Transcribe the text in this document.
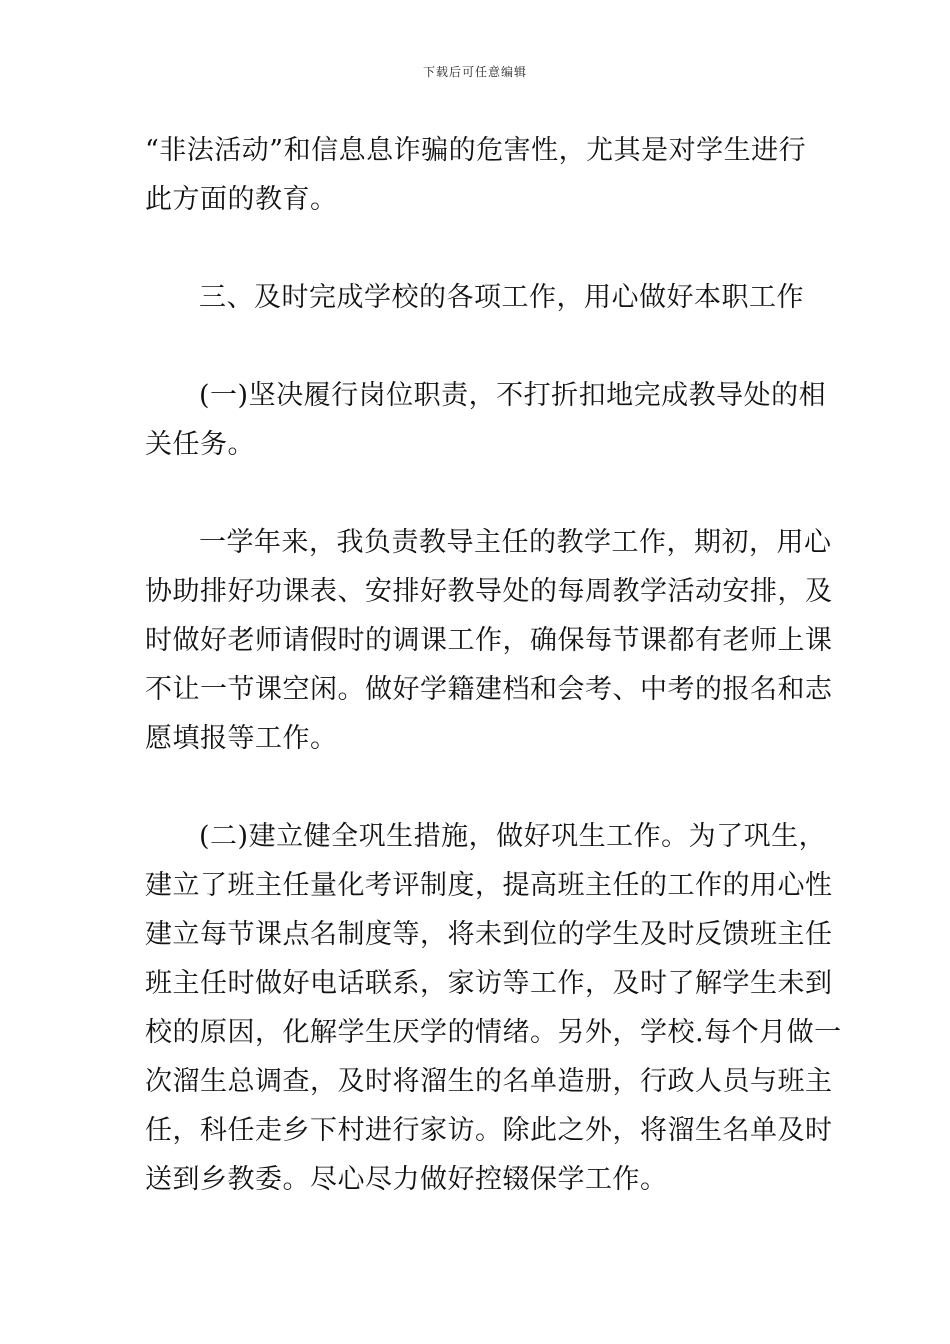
下载后可任意编辑

“非法活动”和信息息诈骗的危害性，尤其是对学生进行
此方面的教育。

三、及时完成学校的各项工作，用心做好本职工作

(一)坚决履行岗位职责，不打折扣地完成教导处的相
关任务。

一学年来，我负责教导主任的教学工作，期初，用心
协助排好功课表、安排好教导处的每周教学活动安排，及
时做好老师请假时的调课工作，确保每节课都有老师上课
不让一节课空闲。做好学籍建档和会考、中考的报名和志
愿填报等工作。

(二)建立健全巩生措施，做好巩生工作。为了巩生，
建立了班主任量化考评制度，提高班主任的工作的用心性
建立每节课点名制度等，将未到位的学生及时反馈班主任
班主任时做好电话联系，家访等工作，及时了解学生未到
校的原因，化解学生厌学的情绪。另外，学校.每个月做一
次溜生总调查，及时将溜生的名单造册，行政人员与班主
任，科任走乡下村进行家访。除此之外，将溜生名单及时
送到乡教委。尽心尽力做好控辍保学工作。
